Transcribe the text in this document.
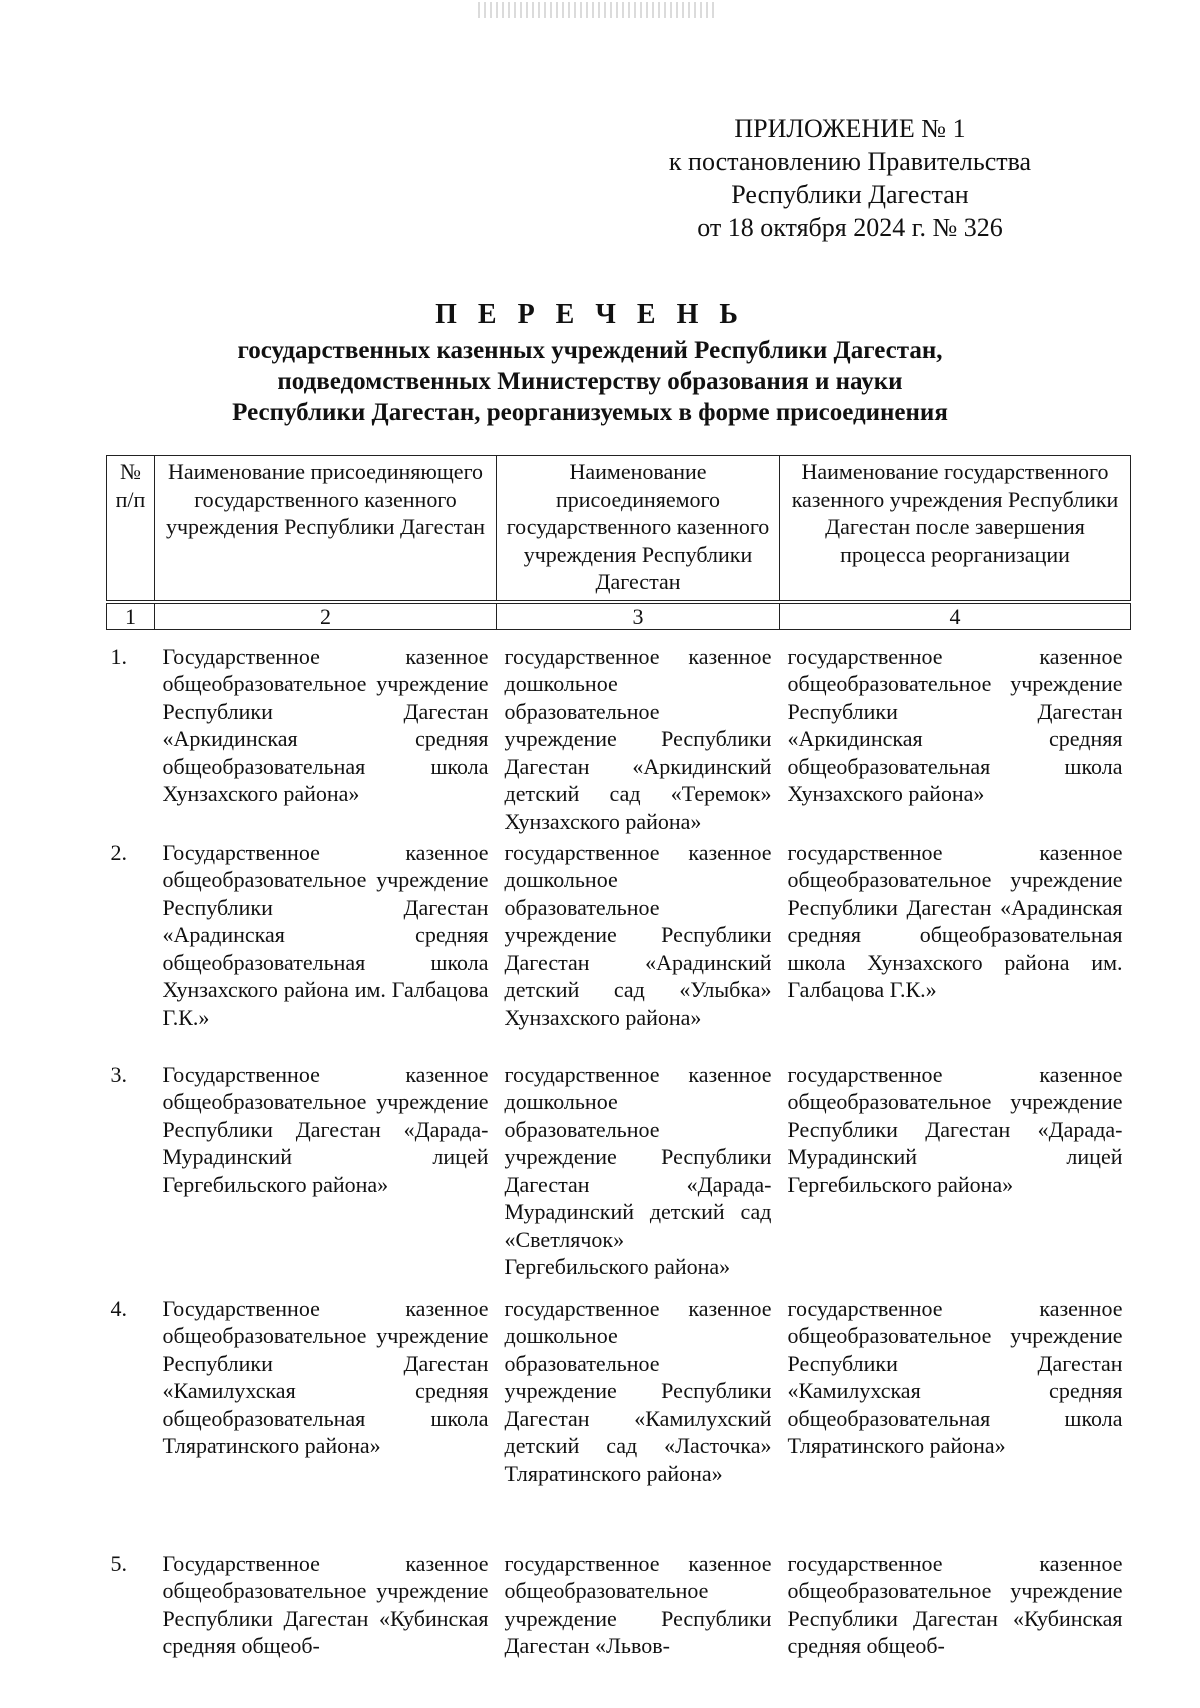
ПРИЛОЖЕНИЕ № 1
к постановлению Правительства
Республики Дагестан
от 18 октября 2024 г. № 326
П Е Р Е Ч Е Н Ь
государственных казенных учреждений Республики Дагестан,
подведомственных Министерству образования и науки
Республики Дагестан, реорганизуемых в форме присоединения
№ п/п	Наименование присоединяющего государственного казенного учреждения Республики Дагестан	Наименование присоединяемого государственного казенного учреждения Республики Дагестан	Наименование государственного казенного учреждения Республики Дагестан после завершения процесса реорганизации
1	2	3	4
1.	Государственное казенное общеобразовательное учреждение Республики Дагестан «Аркидинская средняя общеобразовательная школа Хунзахского района»	государственное казенное дошкольное образовательное учреждение Республики Дагестан «Аркидинский детский сад «Теремок» Хунзахского района»	государственное казенное общеобразовательное учреждение Республики Дагестан «Аркидинская средняя общеобразовательная школа Хунзахского района»
2.	Государственное казенное общеобразовательное учреждение Республики Дагестан «Арадинская средняя общеобразовательная школа Хунзахского района им. Галбацова Г.К.»	государственное казенное дошкольное образовательное учреждение Республики Дагестан «Арадинский детский сад «Улыбка» Хунзахского района»	государственное казенное общеобразовательное учреждение Республики Дагестан «Арадинская средняя общеобразовательная школа Хунзахского района им. Галбацова Г.К.»
3.	Государственное казенное общеобразовательное учреждение Республики Дагестан «Дарада-Мурадинский лицей Гергебильского района»	государственное казенное дошкольное образовательное учреждение Республики Дагестан «Дарада-Мурадинский детский сад «Светлячок» Гергебильского района»	государственное казенное общеобразовательное учреждение Республики Дагестан «Дарада-Мурадинский лицей Гергебильского района»
4.	Государственное казенное общеобразовательное учреждение Республики Дагестан «Камилухская средняя общеобразовательная школа Тляратинского района»	государственное казенное дошкольное образовательное учреждение Республики Дагестан «Камилухский детский сад «Ласточка» Тляратинского района»	государственное казенное общеобразовательное учреждение Республики Дагестан «Камилухская средняя общеобразовательная школа Тляратинского района»
5.	Государственное казенное общеобразовательное учреждение Республики Дагестан «Кубинская средняя общеоб-	государственное казенное общеобразовательное учреждение Республики Дагестан «Львов-	государственное казенное общеобразовательное учреждение Республики Дагестан «Кубинская средняя общеоб-
